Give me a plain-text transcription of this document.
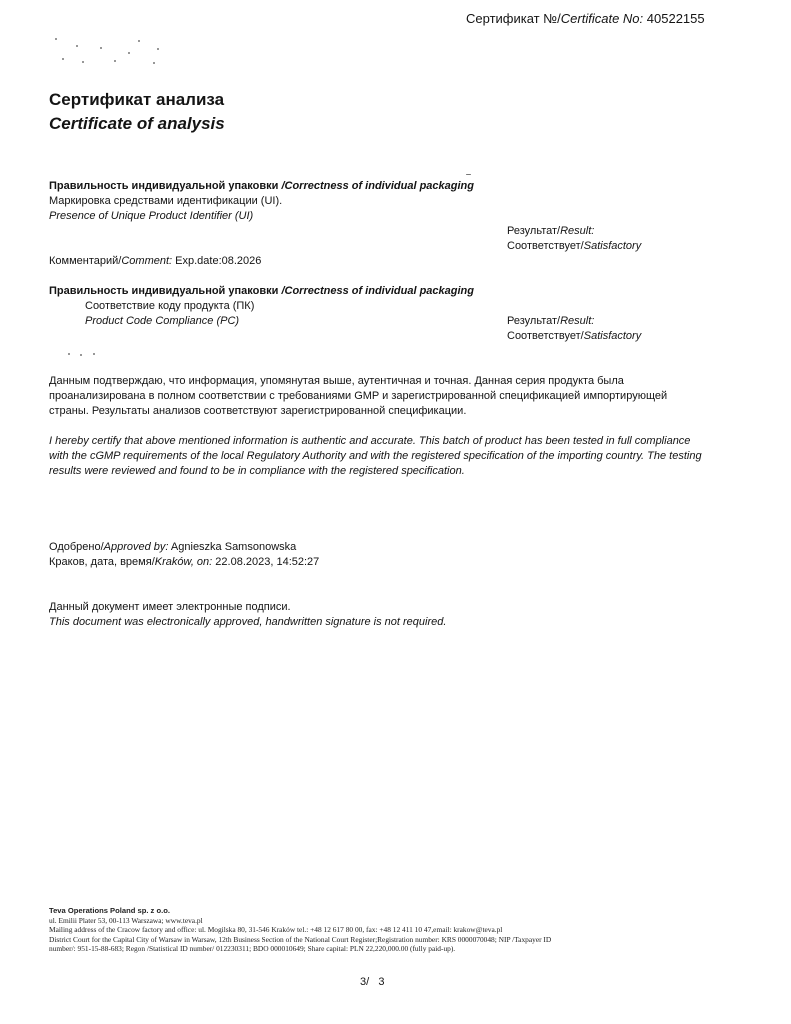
Сертификат №/Certificate No: 40522155
Сертификат анализа
Certificate of analysis
Правильность индивидуальной упаковки /Correctness of individual packaging
Маркировка средствами идентификации (UI).
Presence of Unique Product Identifier (UI)
Результат/Result:
Соответствует/Satisfactory
Комментарий/Comment: Exp.date:08.2026
Правильность индивидуальной упаковки /Correctness of individual packaging
Соответствие коду продукта (ПК)
Product Code Compliance (PC)	Результат/Result:
Соответствует/Satisfactory
Данным подтверждаю, что информация, упомянутая выше, аутентичная и точная. Данная серия продукта была проанализирована в полном соответствии с требованиями GMP и зарегистрированной спецификацией импортирующей страны. Результаты анализов соответствуют зарегистрированной спецификации.
I hereby certify that above mentioned information is authentic and accurate. This batch of product has been tested in full compliance with the cGMP requirements of the local Regulatory Authority and with the registered specification of the importing country. The testing results were reviewed and found to be in compliance with the registered specification.
Одобрено/Approved by: Agnieszka Samsonowska
Краков, дата, время/Kraków, on: 22.08.2023, 14:52:27
Данный документ имеет электронные подписи.
This document was electronically approved, handwritten signature is not required.
Teva Operations Poland sp. z o.o.
ul. Emilii Plater 53, 00-113 Warszawa; www.teva.pl
Mailing address of the Cracow factory and office: ul. Mogilska 80, 31-546 Kraków tel.: +48 12 617 80 00, fax: +48 12 411 10 47,email: krakow@teva.pl
District Court for the Capital City of Warsaw in Warsaw, 12th Business Section of the National Court Register;Registration number: KRS 0000070048; NIP /Taxpayer ID
number/: 951-15-88-683; Regon /Statistical ID number/ 012230311; BDO 000010649; Share capital: PLN 22,220,000.00 (fully paid-up).
3/   3
